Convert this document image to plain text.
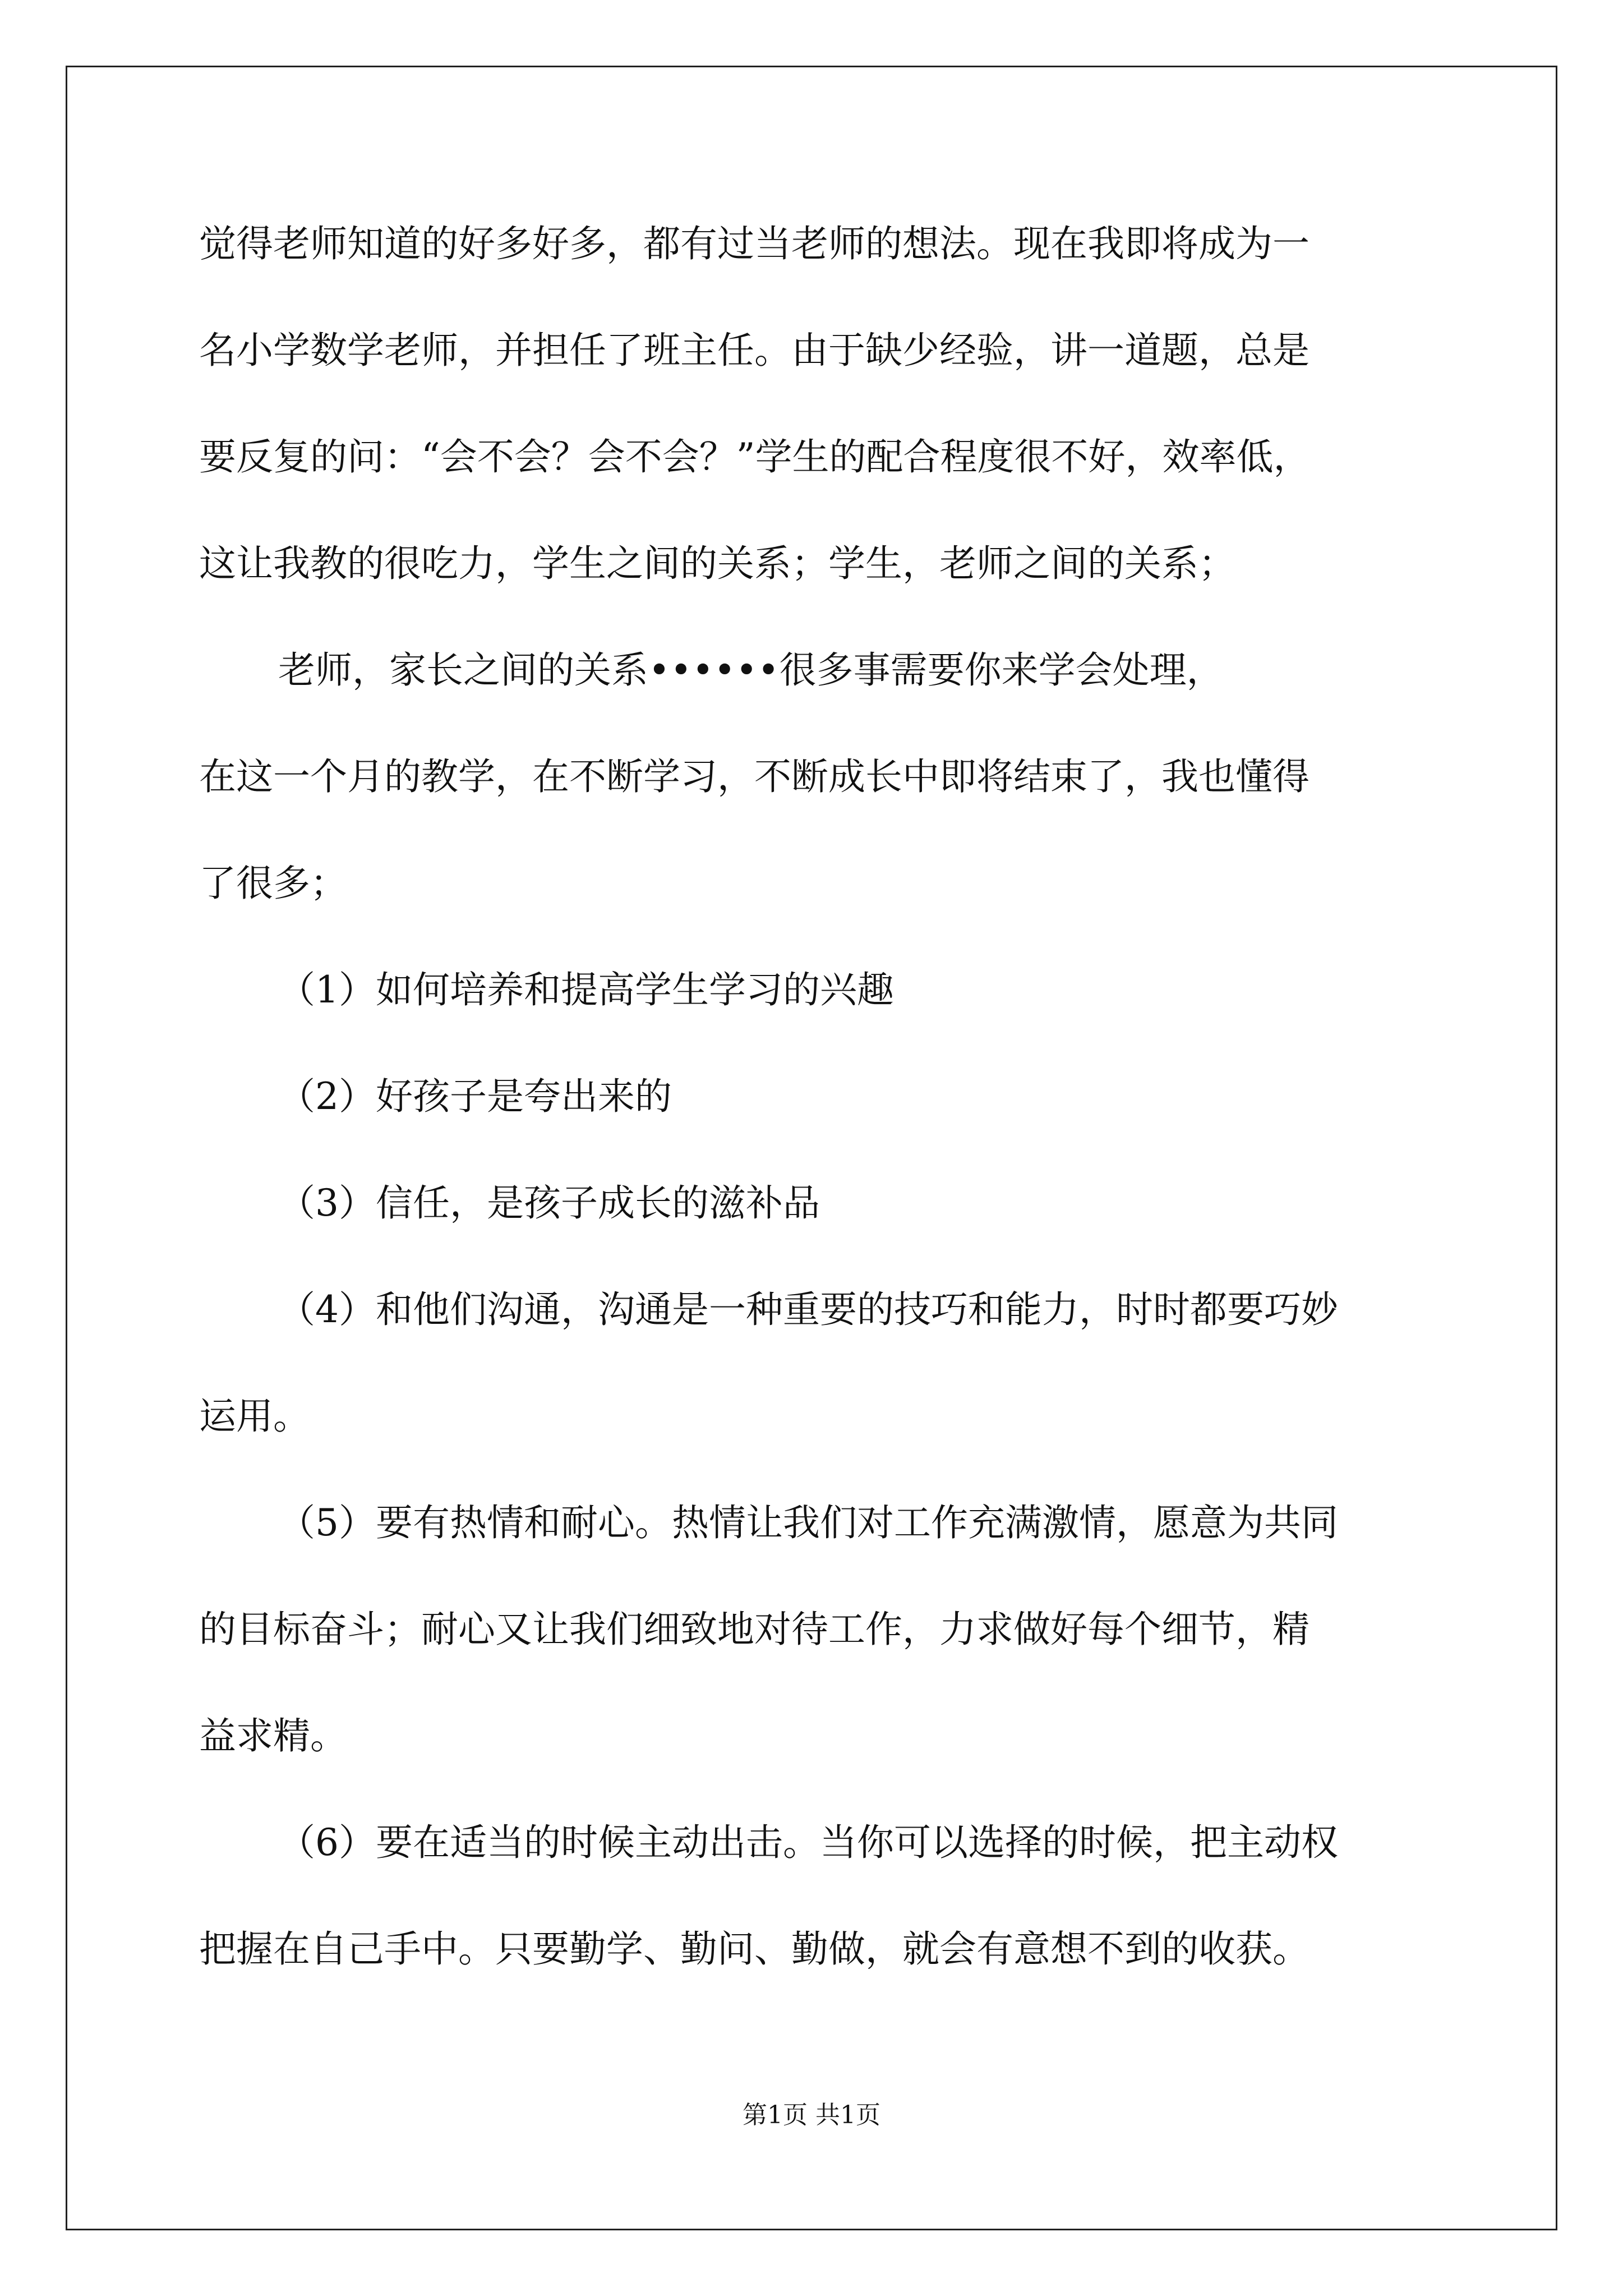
觉得老师知道的好多好多，都有过当老师的想法。现在我即将成为一
名小学数学老师，并担任了班主任。由于缺少经验，讲一道题，总是
要反复的问：“会不会？会不会？”学生的配合程度很不好，效率低，
这让我教的很吃力，学生之间的关系；学生，老师之间的关系；
老师，家长之间的关系••••••很多事需要你来学会处理，
在这一个月的教学，在不断学习，不断成长中即将结束了，我也懂得
了很多；
（1）如何培养和提高学生学习的兴趣
（2）好孩子是夸出来的
（3）信任，是孩子成长的滋补品
（4）和他们沟通，沟通是一种重要的技巧和能力，时时都要巧妙
运用。
（5）要有热情和耐心。热情让我们对工作充满激情，愿意为共同
的目标奋斗；耐心又让我们细致地对待工作，力求做好每个细节，精
益求精。
（6）要在适当的时候主动出击。当你可以选择的时候，把主动权
把握在自己手中。只要勤学、勤问、勤做，就会有意想不到的收获。
第1页 共1页
